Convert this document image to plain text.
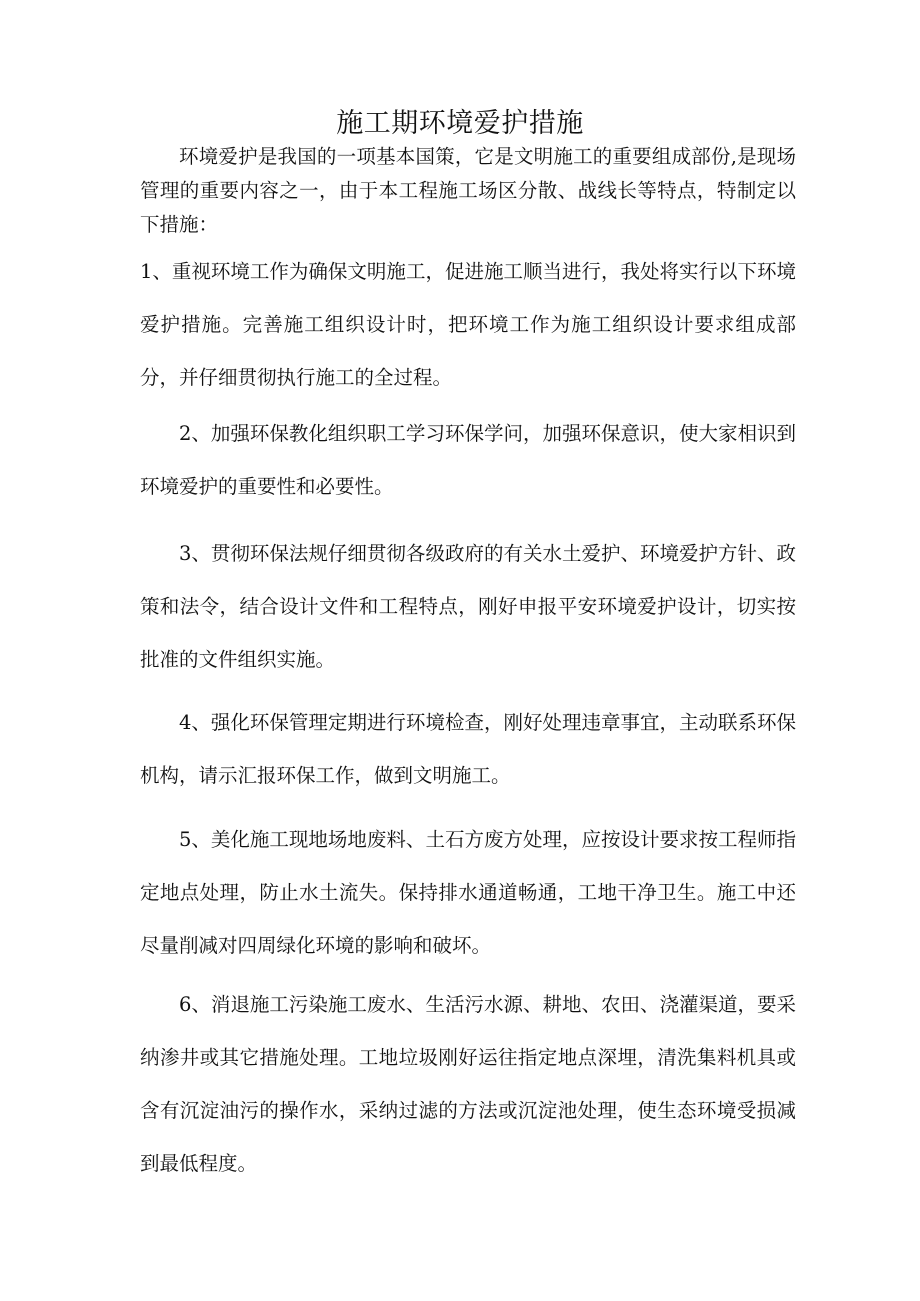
施工期环境爱护措施
环境爱护是我国的一项基本国策，它是文明施工的重要组成部份,是现场管理的重要内容之一，由于本工程施工场区分散、战线长等特点，特制定以下措施：
1、重视环境工作为确保文明施工，促进施工顺当进行，我处将实行以下环境爱护措施。完善施工组织设计时，把环境工作为施工组织设计要求组成部分，并仔细贯彻执行施工的全过程。
2、加强环保教化组织职工学习环保学问，加强环保意识，使大家相识到环境爱护的重要性和必要性。
3、贯彻环保法规仔细贯彻各级政府的有关水土爱护、环境爱护方针、政策和法令，结合设计文件和工程特点，刚好申报平安环境爱护设计，切实按批准的文件组织实施。
4、强化环保管理定期进行环境检查，刚好处理违章事宜，主动联系环保机构，请示汇报环保工作，做到文明施工。
5、美化施工现地场地废料、土石方废方处理，应按设计要求按工程师指定地点处理，防止水土流失。保持排水通道畅通，工地干净卫生。施工中还尽量削减对四周绿化环境的影响和破坏。
6、消退施工污染施工废水、生活污水源、耕地、农田、浇灌渠道，要采纳渗井或其它措施处理。工地垃圾刚好运往指定地点深埋，清洗集料机具或含有沉淀油污的操作水，采纳过滤的方法或沉淀池处理，使生态环境受损减到最低程度。
